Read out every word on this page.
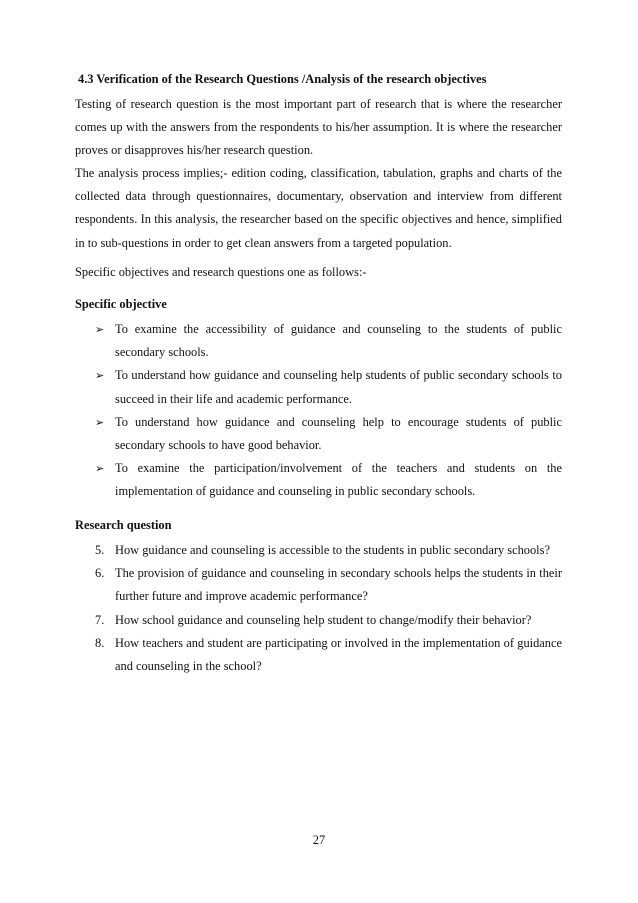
4.3 Verification of the Research Questions /Analysis of the research objectives

Testing of research question is the most important part of research that is where the researcher comes up with the answers from the respondents to his/her assumption. It is where the researcher proves or disapproves his/her research question.

The analysis process implies;- edition coding, classification, tabulation, graphs and charts of the collected data through questionnaires, documentary, observation and interview from different respondents. In this analysis, the researcher based on the specific objectives and hence, simplified in to sub-questions in order to get clean answers from a targeted population.

Specific objectives and research questions one as follows:-

Specific objective
➢ To examine the accessibility of guidance and counseling to the students of public secondary schools.
➢ To understand how guidance and counseling help students of public secondary schools to succeed in their life and academic performance.
➢ To understand how guidance and counseling help to encourage students of public secondary schools to have good behavior.
➢ To examine the participation/involvement of the teachers and students on the implementation of guidance and counseling in public secondary schools.
Research question
5. How guidance and counseling is accessible to the students in public secondary schools?
6. The provision of guidance and counseling in secondary schools helps the students in their further future and improve academic performance?
7. How school guidance and counseling help student to change/modify their behavior?
8. How teachers and student are participating or involved in the implementation of guidance and counseling in the school?
27
